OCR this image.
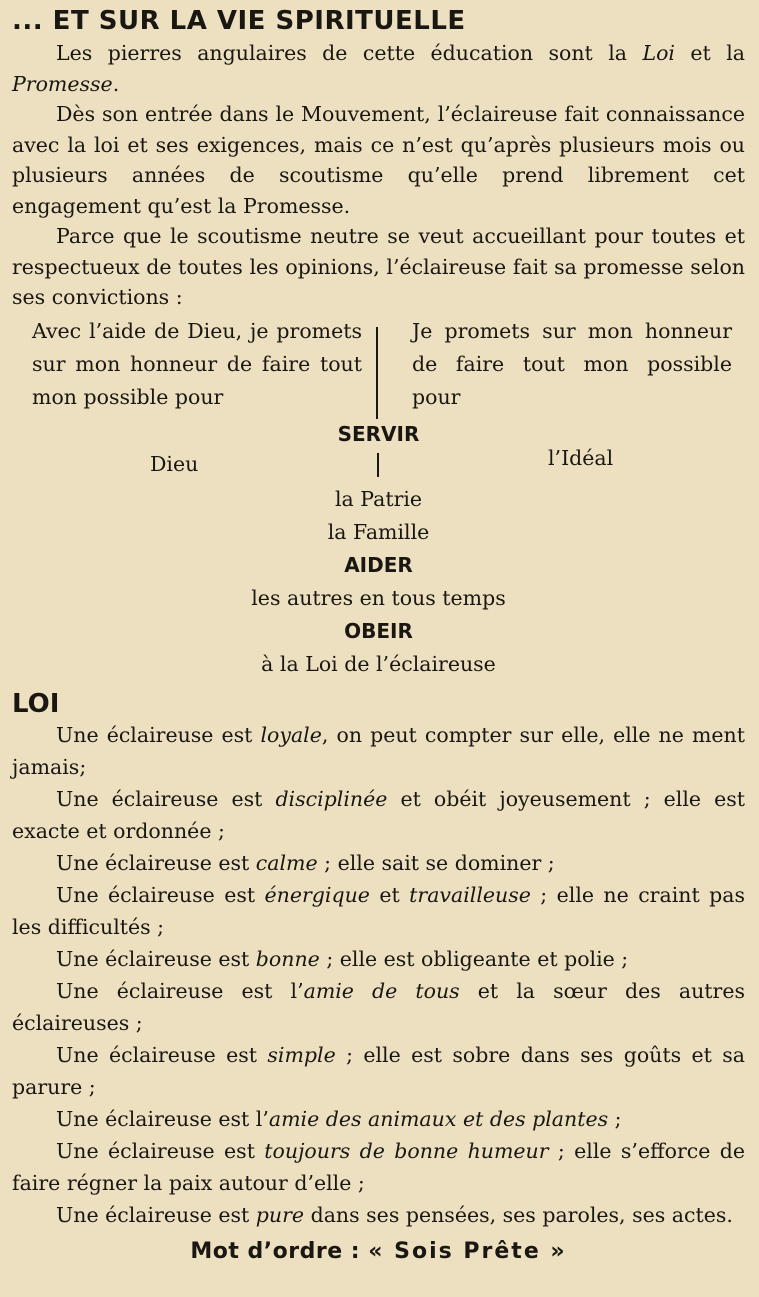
... ET SUR LA VIE SPIRITUELLE

Les pierres angulaires de cette éducation sont la Loi et la Promesse.

Dès son entrée dans le Mouvement, l’éclaireuse fait connaissance avec la loi et ses exigences, mais ce n’est qu’après plusieurs mois ou plusieurs années de scoutisme qu’elle prend librement cet engagement qu’est la Promesse.

Parce que le scoutisme neutre se veut accueillant pour toutes et respectueux de toutes les opinions, l’éclaireuse fait sa promesse selon ses convictions :

Avec l’aide de Dieu, je promets sur mon honneur de faire tout mon possible pour
Je promets sur mon honneur de faire tout mon possible pour
SERVIR
Dieu	l’Idéal
la Patrie
la Famille
AIDER
les autres en tous temps
OBEIR
à la Loi de l’éclaireuse
LOI

Une éclaireuse est loyale, on peut compter sur elle, elle ne ment jamais;

Une éclaireuse est disciplinée et obéit joyeusement ; elle est exacte et ordonnée ;

Une éclaireuse est calme ; elle sait se dominer ;

Une éclaireuse est énergique et travailleuse ; elle ne craint pas les difficultés ;

Une éclaireuse est bonne ; elle est obligeante et polie ;

Une éclaireuse est l’amie de tous et la sœur des autres éclaireuses ;

Une éclaireuse est simple ; elle est sobre dans ses goûts et sa parure ;

Une éclaireuse est l’amie des animaux et des plantes ;

Une éclaireuse est toujours de bonne humeur ; elle s’efforce de faire régner la paix autour d’elle ;

Une éclaireuse est pure dans ses pensées, ses paroles, ses actes.

Mot d’ordre : « Sois Prête »
